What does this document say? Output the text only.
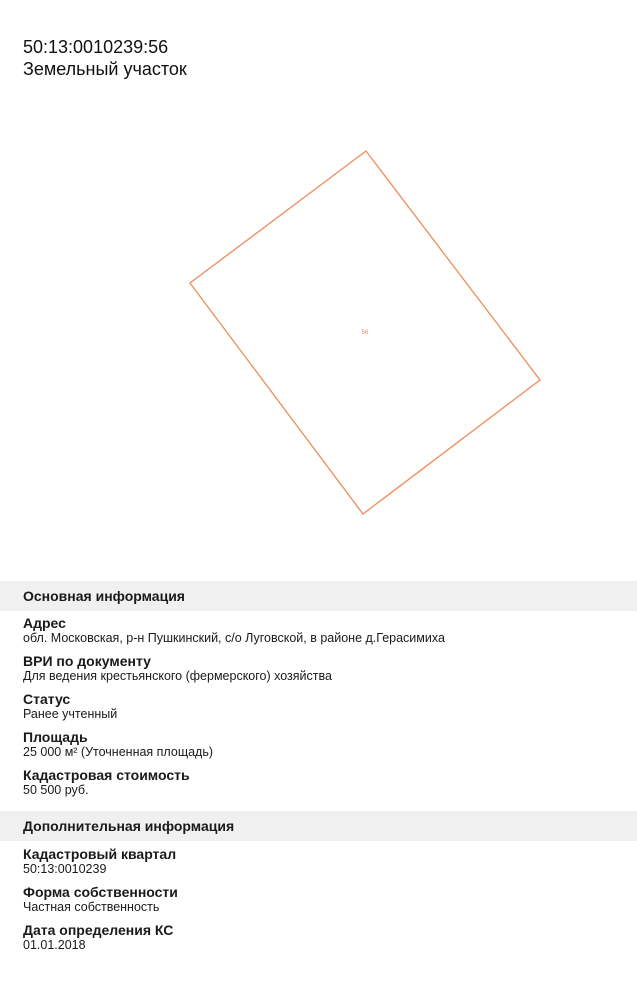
50:13:0010239:56
Земельный участок
56
Основная информация
Адрес
обл. Московская, р-н Пушкинский, с/о Луговской, в районе д.Герасимиха
ВРИ по документу
Для ведения крестьянского (фермерского) хозяйства
Статус
Ранее учтенный
Площадь
25 000 м² (Уточненная площадь)
Кадастровая стоимость
50 500 руб.
Дополнительная информация
Кадастровый квартал
50:13:0010239
Форма собственности
Частная собственность
Дата определения КС
01.01.2018
